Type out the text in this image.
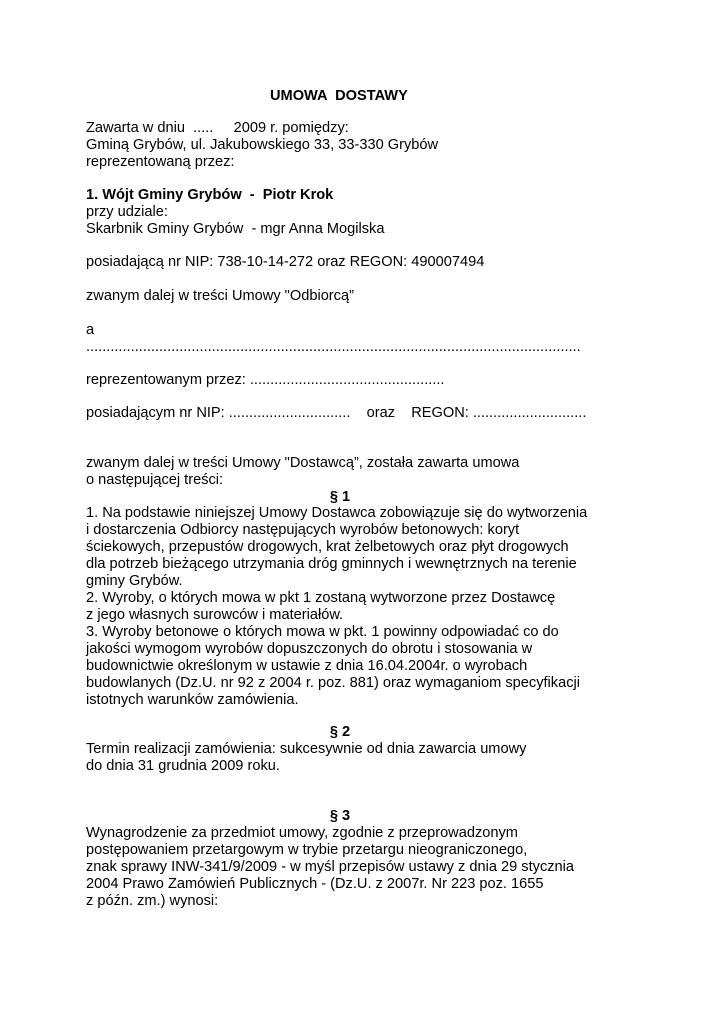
UMOWA  DOSTAWY
Zawarta w dniu  .....     2009 r. pomiędzy:
Gminą Grybów, ul. Jakubowskiego 33, 33-330 Grybów
reprezentowaną przez:
1. Wójt Gminy Grybów  -  Piotr Krok
przy udziale:
Skarbnik Gminy Grybów  - mgr Anna Mogilska
posiadającą nr NIP: 738-10-14-272 oraz REGON: 490007494
zwanym dalej w treści Umowy "Odbiorcą”
a
..........................................................................................................................
reprezentowanym przez: ................................................
posiadającym nr NIP: ..............................    oraz    REGON: ............................
zwanym dalej w treści Umowy "Dostawcą”, została zawarta umowa
o następującej treści:
§ 1
1. Na podstawie niniejszej Umowy Dostawca zobowiązuje się do wytworzenia
i dostarczenia Odbiorcy następujących wyrobów betonowych: koryt
ściekowych, przepustów drogowych, krat żelbetowych oraz płyt drogowych
dla potrzeb bieżącego utrzymania dróg gminnych i wewnętrznych na terenie
gminy Grybów.
2. Wyroby, o których mowa w pkt 1 zostaną wytworzone przez Dostawcę
z jego własnych surowców i materiałów.
3. Wyroby betonowe o których mowa w pkt. 1 powinny odpowiadać co do
jakości wymogom wyrobów dopuszczonych do obrotu i stosowania w
budownictwie określonym w ustawie z dnia 16.04.2004r. o wyrobach
budowlanych (Dz.U. nr 92 z 2004 r. poz. 881) oraz wymaganiom specyfikacji
istotnych warunków zamówienia.
§ 2
Termin realizacji zamówienia: sukcesywnie od dnia zawarcia umowy
do dnia 31 grudnia 2009 roku.
§ 3
Wynagrodzenie za przedmiot umowy, zgodnie z przeprowadzonym
postępowaniem przetargowym w trybie przetargu nieograniczonego,
znak sprawy INW-341/9/2009 - w myśl przepisów ustawy z dnia 29 stycznia
2004 Prawo Zamówień Publicznych - (Dz.U. z 2007r. Nr 223 poz. 1655
z późn. zm.) wynosi:
